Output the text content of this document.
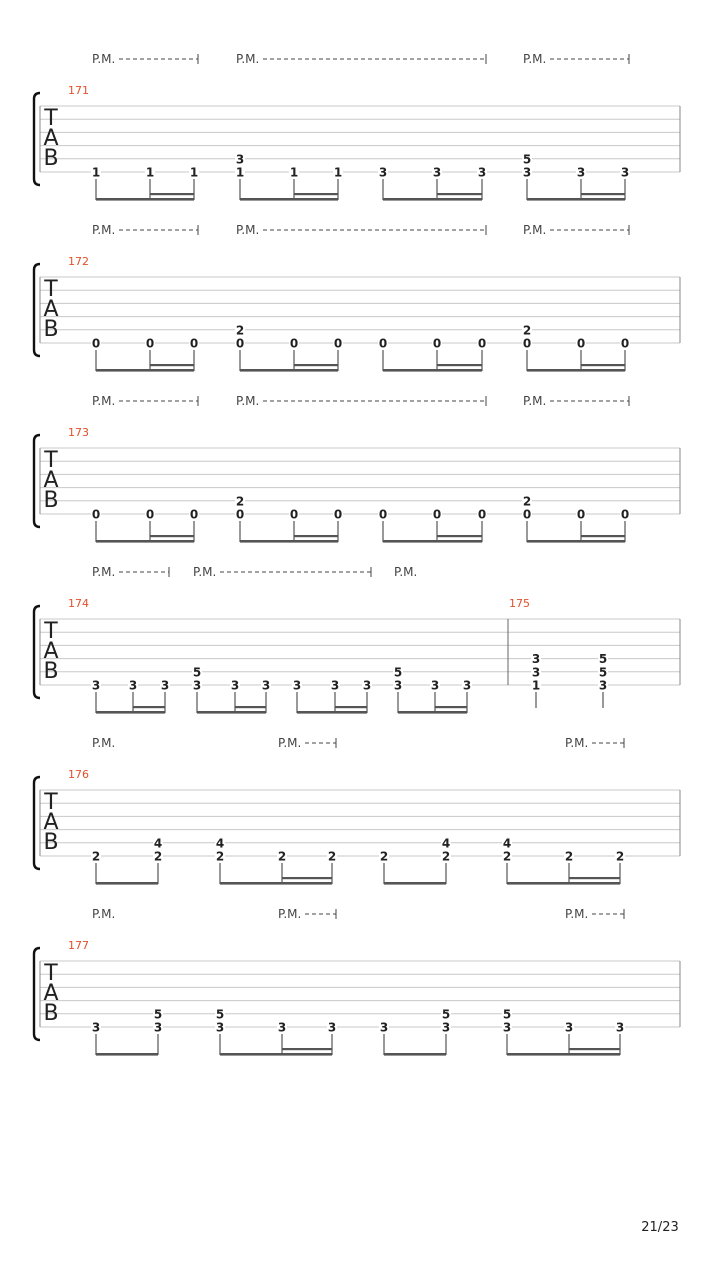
T
A
B
171
1	1	1	1
3
1	1	3	3	3	3
5
3	3
P.M.	P.M.	P.M.
T
A
B
172
0	0	0	0
2
0	0	0	0	0	0
2
0	0
P.M.	P.M.	P.M.
T
A
B
173
0	0	0	0
2
0	0	0	0	0	0
2
0	0
P.M.	P.M.	P.M.
T
A
B
174
3 3 3 3
5
3 3 3 3 3 3
5
3 3
P.M.	P.M.	P.M.
175
1
3
3
3
5
5
T
A
B
176
2	2
4
2
4
2	2	2	2
4
2
4
2	2
P.M.	P.M.	P.M.
T
A
B
177
3	3
5
3
5
3	3	3	3
5
3
5
3	3
P.M.	P.M.	P.M.
21/23
